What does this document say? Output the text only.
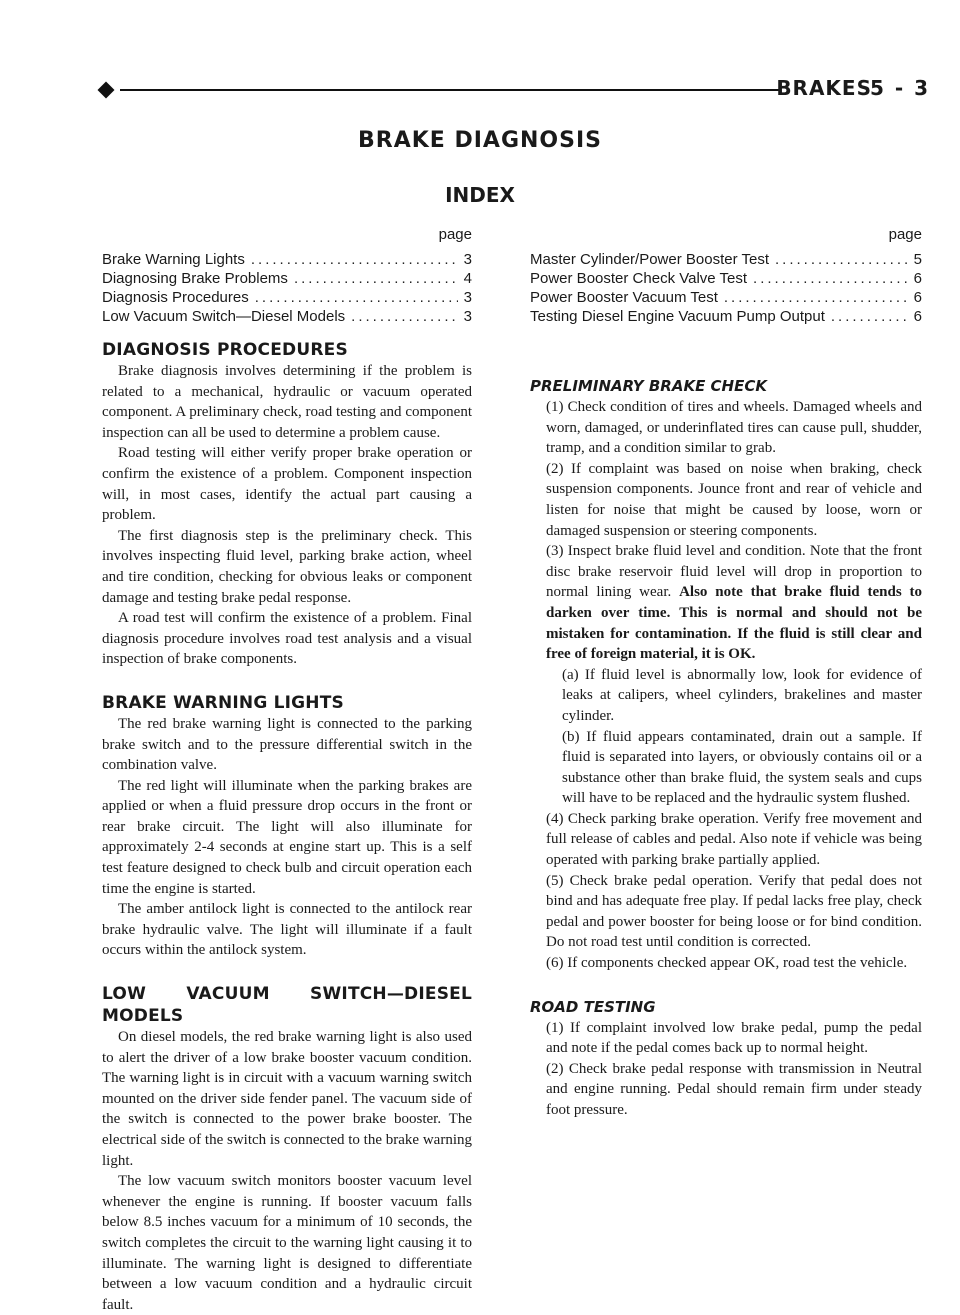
BRAKES
5 - 3
BRAKE DIAGNOSIS
INDEX
page
Brake Warning Lights .....	3
Diagnosing Brake Problems .....	4
Diagnosis Procedures .....	3
Low Vacuum Switch—Diesel Models .....	3
page
Master Cylinder/Power Booster Test .....	5
Power Booster Check Valve Test .....	6
Power Booster Vacuum Test .....	6
Testing Diesel Engine Vacuum Pump Output .....	6
DIAGNOSIS PROCEDURES

Brake diagnosis involves determining if the problem is related to a mechanical, hydraulic or vacuum operated component. A preliminary check, road testing and component inspection can all be used to determine a problem cause.

Road testing will either verify proper brake operation or confirm the existence of a problem. Component inspection will, in most cases, identify the actual part causing a problem.

The first diagnosis step is the preliminary check. This involves inspecting fluid level, parking brake action, wheel and tire condition, checking for obvious leaks or component damage and testing brake pedal response.

A road test will confirm the existence of a problem. Final diagnosis procedure involves road test analysis and a visual inspection of brake components.

BRAKE WARNING LIGHTS

The red brake warning light is connected to the parking brake switch and to the pressure differential switch in the combination valve.

The red light will illuminate when the parking brakes are applied or when a fluid pressure drop occurs in the front or rear brake circuit. The light will also illuminate for approximately 2-4 seconds at engine start up. This is a self test feature designed to check bulb and circuit operation each time the engine is started.

The amber antilock light is connected to the antilock rear brake hydraulic valve. The light will illuminate if a fault occurs within the antilock system.

LOW VACUUM SWITCH—DIESEL MODELS

On diesel models, the red brake warning light is also used to alert the driver of a low brake booster vacuum condition. The warning light is in circuit with a vacuum warning switch mounted on the driver side fender panel. The vacuum side of the switch is connected to the power brake booster. The electrical side of the switch is connected to the brake warning light.

The low vacuum switch monitors booster vacuum level whenever the engine is running. If booster vacuum falls below 8.5 inches vacuum for a minimum of 10 seconds, the switch completes the circuit to the warning light causing it to illuminate. The warning light is designed to differentiate between a low vacuum condition and a hydraulic circuit fault.

PRELIMINARY BRAKE CHECK

(1) Check condition of tires and wheels. Damaged wheels and worn, damaged, or underinflated tires can cause pull, shudder, tramp, and a condition similar to grab.

(2) If complaint was based on noise when braking, check suspension components. Jounce front and rear of vehicle and listen for noise that might be caused by loose, worn or damaged suspension or steering components.

(3) Inspect brake fluid level and condition. Note that the front disc brake reservoir fluid level will drop in proportion to normal lining wear. Also note that brake fluid tends to darken over time. This is normal and should not be mistaken for contamination. If the fluid is still clear and free of foreign material, it is OK.

(a) If fluid level is abnormally low, look for evidence of leaks at calipers, wheel cylinders, brakelines and master cylinder.

(b) If fluid appears contaminated, drain out a sample. If fluid is separated into layers, or obviously contains oil or a substance other than brake fluid, the system seals and cups will have to be replaced and the hydraulic system flushed.

(4) Check parking brake operation. Verify free movement and full release of cables and pedal. Also note if vehicle was being operated with parking brake partially applied.

(5) Check brake pedal operation. Verify that pedal does not bind and has adequate free play. If pedal lacks free play, check pedal and power booster for being loose or for bind condition. Do not road test until condition is corrected.

(6) If components checked appear OK, road test the vehicle.

ROAD TESTING

(1) If complaint involved low brake pedal, pump the pedal and note if the pedal comes back up to normal height.

(2) Check brake pedal response with transmission in Neutral and engine running. Pedal should remain firm under steady foot pressure.
